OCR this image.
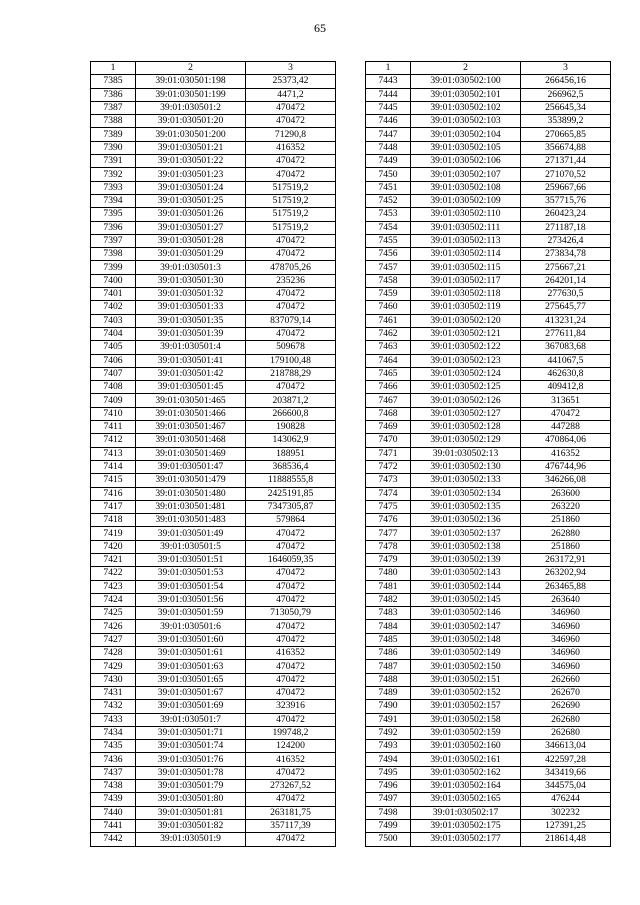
65
1	2	3
7385	39:01:030501:198	25373,42
7386	39:01:030501:199	4471,2
7387	39:01:030501:2	470472
7388	39:01:030501:20	470472
7389	39:01:030501:200	71290,8
7390	39:01:030501:21	416352
7391	39:01:030501:22	470472
7392	39:01:030501:23	470472
7393	39:01:030501:24	517519,2
7394	39:01:030501:25	517519,2
7395	39:01:030501:26	517519,2
7396	39:01:030501:27	517519,2
7397	39:01:030501:28	470472
7398	39:01:030501:29	470472
7399	39:01:030501:3	478705,26
7400	39:01:030501:30	235236
7401	39:01:030501:32	470472
7402	39:01:030501:33	470472
7403	39:01:030501:35	837079,14
7404	39:01:030501:39	470472
7405	39:01:030501:4	509678
7406	39:01:030501:41	179100,48
7407	39:01:030501:42	218788,29
7408	39:01:030501:45	470472
7409	39:01:030501:465	203871,2
7410	39:01:030501:466	266600,8
7411	39:01:030501:467	190828
7412	39:01:030501:468	143062,9
7413	39:01:030501:469	188951
7414	39:01:030501:47	368536,4
7415	39:01:030501:479	11888555,8
7416	39:01:030501:480	2425191,85
7417	39:01:030501:481	7347305,87
7418	39:01:030501:483	579864
7419	39:01:030501:49	470472
7420	39:01:030501:5	470472
7421	39:01:030501:51	1646059,35
7422	39:01:030501:53	470472
7423	39:01:030501:54	470472
7424	39:01:030501:56	470472
7425	39:01:030501:59	713050,79
7426	39:01:030501:6	470472
7427	39:01:030501:60	470472
7428	39:01:030501:61	416352
7429	39:01:030501:63	470472
7430	39:01:030501:65	470472
7431	39:01:030501:67	470472
7432	39:01:030501:69	323916
7433	39:01:030501:7	470472
7434	39:01:030501:71	199748,2
7435	39:01:030501:74	124200
7436	39:01:030501:76	416352
7437	39:01:030501:78	470472
7438	39:01:030501:79	273267,52
7439	39:01:030501:80	470472
7440	39:01:030501:81	263181,75
7441	39:01:030501:82	357117,39
7442	39:01:030501:9	470472
1	2	3
7443	39:01:030502:100	266456,16
7444	39:01:030502:101	266962,5
7445	39:01:030502:102	256645,34
7446	39:01:030502:103	353899,2
7447	39:01:030502:104	270665,85
7448	39:01:030502:105	356674,88
7449	39:01:030502:106	271371,44
7450	39:01:030502:107	271070,52
7451	39:01:030502:108	259667,66
7452	39:01:030502:109	357715,76
7453	39:01:030502:110	260423,24
7454	39:01:030502:111	271187,18
7455	39:01:030502:113	273426,4
7456	39:01:030502:114	273834,78
7457	39:01:030502:115	275667,21
7458	39:01:030502:117	264201,14
7459	39:01:030502:118	277630,5
7460	39:01:030502:119	275645,77
7461	39:01:030502:120	413231,24
7462	39:01:030502:121	277611,84
7463	39:01:030502:122	367083,68
7464	39:01:030502:123	441067,5
7465	39:01:030502:124	462630,8
7466	39:01:030502:125	409412,8
7467	39:01:030502:126	313651
7468	39:01:030502:127	470472
7469	39:01:030502:128	447288
7470	39:01:030502:129	470864,06
7471	39:01:030502:13	416352
7472	39:01:030502:130	476744,96
7473	39:01:030502:133	346266,08
7474	39:01:030502:134	263600
7475	39:01:030502:135	263220
7476	39:01:030502:136	251860
7477	39:01:030502:137	262880
7478	39:01:030502:138	251860
7479	39:01:030502:139	263172,91
7480	39:01:030502:143	263202,94
7481	39:01:030502:144	263465,88
7482	39:01:030502:145	263640
7483	39:01:030502:146	346960
7484	39:01:030502:147	346960
7485	39:01:030502:148	346960
7486	39:01:030502:149	346960
7487	39:01:030502:150	346960
7488	39:01:030502:151	262660
7489	39:01:030502:152	262670
7490	39:01:030502:157	262690
7491	39:01:030502:158	262680
7492	39:01:030502:159	262680
7493	39:01:030502:160	346613,04
7494	39:01:030502:161	422597,28
7495	39:01:030502:162	343419,66
7496	39:01:030502:164	344575,04
7497	39:01:030502:165	476244
7498	39:01:030502:17	302232
7499	39:01:030502:175	127391,25
7500	39:01:030502:177	218614,48
